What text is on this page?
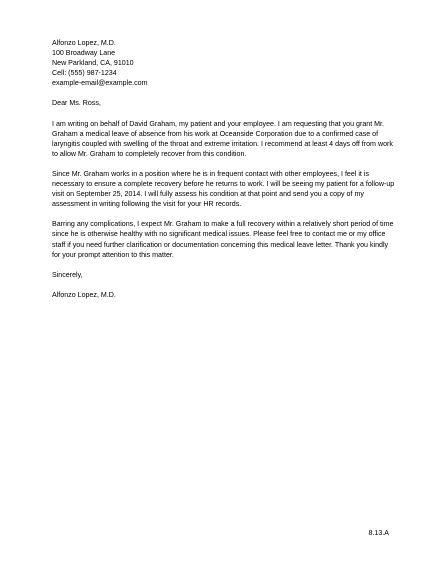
Alfonzo Lopez, M.D.
100 Broadway Lane
New Parkland, CA, 91010
Cell: (555) 987-1234
example-email@example.com
Dear Ms. Ross,

I am writing on behalf of David Graham, my patient and your employee. I am requesting that you grant Mr. Graham a medical leave of absence from his work at Oceanside Corporation due to a confirmed case of laryngitis coupled with swelling of the throat and extreme irritation. I recommend at least 4 days off from work to allow Mr. Graham to completely recover from this condition.

Since Mr. Graham works in a position where he is in frequent contact with other employees, I feel it is necessary to ensure a complete recovery before he returns to work. I will be seeing my patient for a follow-up visit on September 25, 2014. I will fully assess his condition at that point and send you a copy of my assessment in writing following the visit for your HR records.

Barring any complications, I expect Mr. Graham to make a full recovery within a relatively short period of time since he is otherwise healthy with no significant medical issues. Please feel free to contact me or my office staff if you need further clarification or documentation concerning this medical leave letter. Thank you kindly for your prompt attention to this matter.

Sincerely,
Alfonzo Lopez, M.D.
8.13.A
